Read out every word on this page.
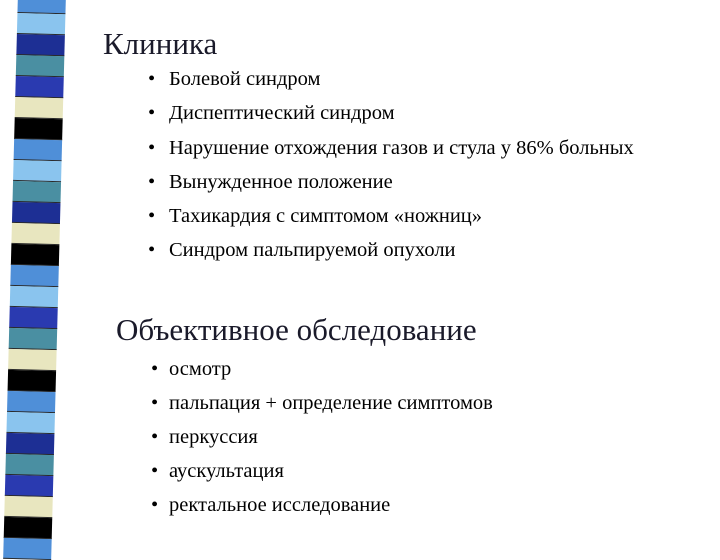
Клиника
• Болевой синдром
• Диспептический синдром
• Нарушение отхождения газов и стула у 86% больных
• Вынужденное положение
• Тахикардия с симптомом «ножниц»
• Синдром пальпируемой опухоли
Объективное обследование
• осмотр
• пальпация + определение симптомов
• перкуссия
• аускультация
• ректальное исследование
